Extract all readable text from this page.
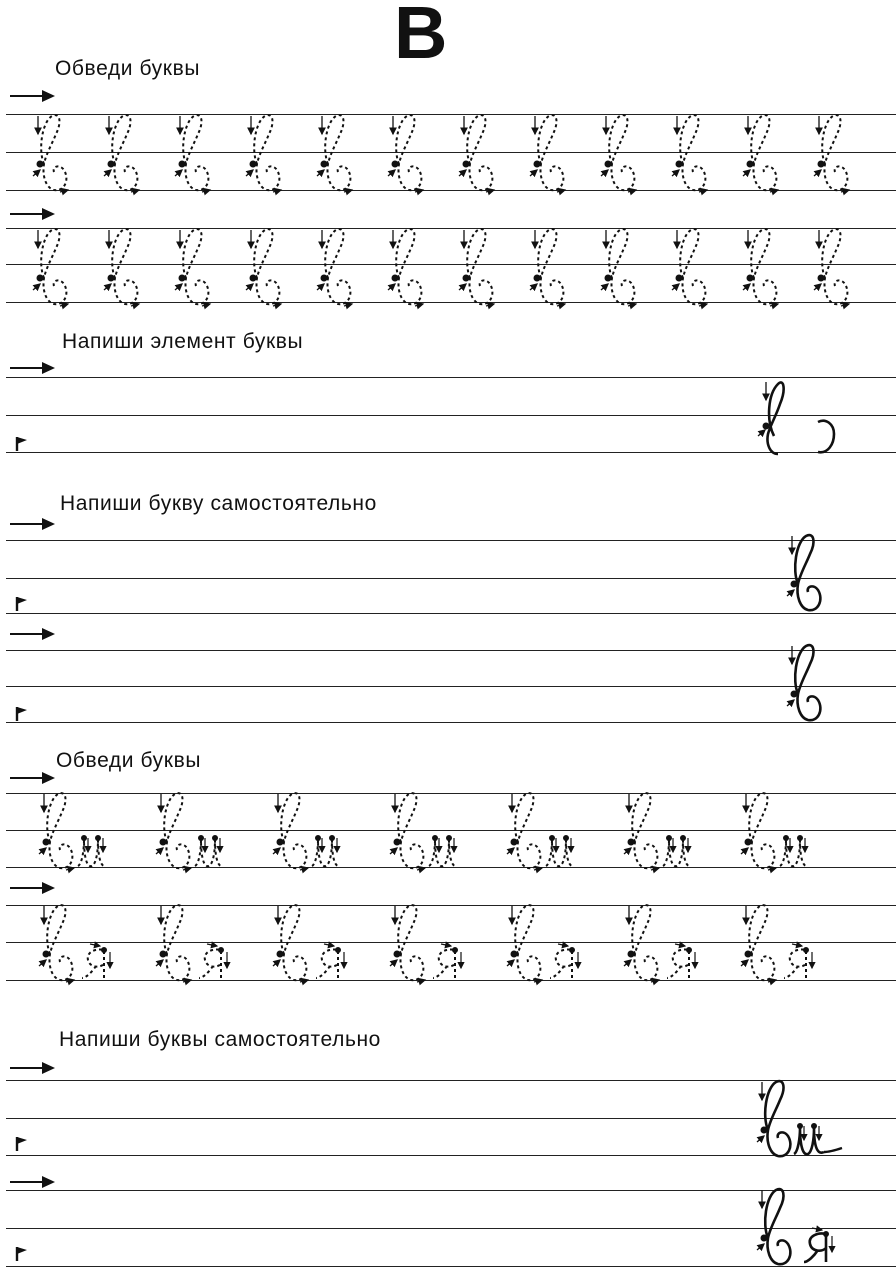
В
Обведи буквы
Напиши элемент буквы
Напиши букву самостоятельно
Обведи буквы
Напиши буквы самостоятельно
